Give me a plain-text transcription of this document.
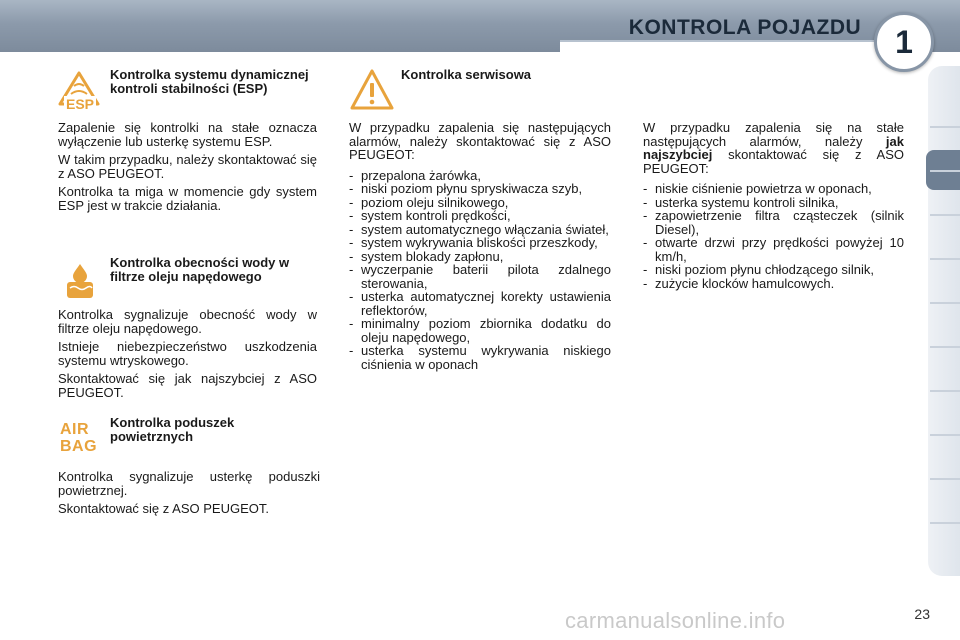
KONTROLA POJAZDU	1
ESP
Kontrolka systemu dynamicznej kontroli stabilności (ESP)

Zapalenie się kontrolki na stałe oznacza wyłączenie lub usterkę systemu ESP.

W takim przypadku, należy skontaktować się z ASO PEUGEOT.

Kontrolka ta miga w momencie gdy system ESP jest w trakcie działania.

Kontrolka obecności wody w filtrze oleju napędowego

Kontrolka sygnalizuje obecność wody w filtrze oleju napędowego.

Istnieje niebezpieczeństwo uszkodzenia systemu wtryskowego.

Skontaktować się jak najszybciej z ASO PEUGEOT.

AIR
BAG
Kontrolka poduszek powietrznych

Kontrolka sygnalizuje usterkę poduszki powietrznej.

Skontaktować się z ASO PEUGEOT.

Kontrolka serwisowa

W przypadku zapalenia się następujących alarmów, należy skontaktować się z ASO PEUGEOT:

- przepalona żarówka,
- niski poziom płynu spryskiwacza szyb,
- poziom oleju silnikowego,
- system kontroli prędkości,
- system automatycznego włączania świateł,
- system wykrywania bliskości przeszkody,
- system blokady zapłonu,
- wyczerpanie baterii pilota zdalnego sterowania,
- usterka automatycznej korekty ustawienia reflektorów,
- minimalny poziom zbiornika dodatku do oleju napędowego,
- usterka systemu wykrywania niskiego ciśnienia w oponach

W przypadku zapalenia się na stałe następujących alarmów, należy jak najszybciej skontaktować się z ASO PEUGEOT:

- niskie ciśnienie powietrza w oponach,
- usterka systemu kontroli silnika,
- zapowietrzenie filtra cząsteczek (silnik Diesel),
- otwarte drzwi przy prędkości powyżej 10 km/h,
- niski poziom płynu chłodzącego silnik,
- zużycie klocków hamulcowych.
carmanualsonline.info	23
